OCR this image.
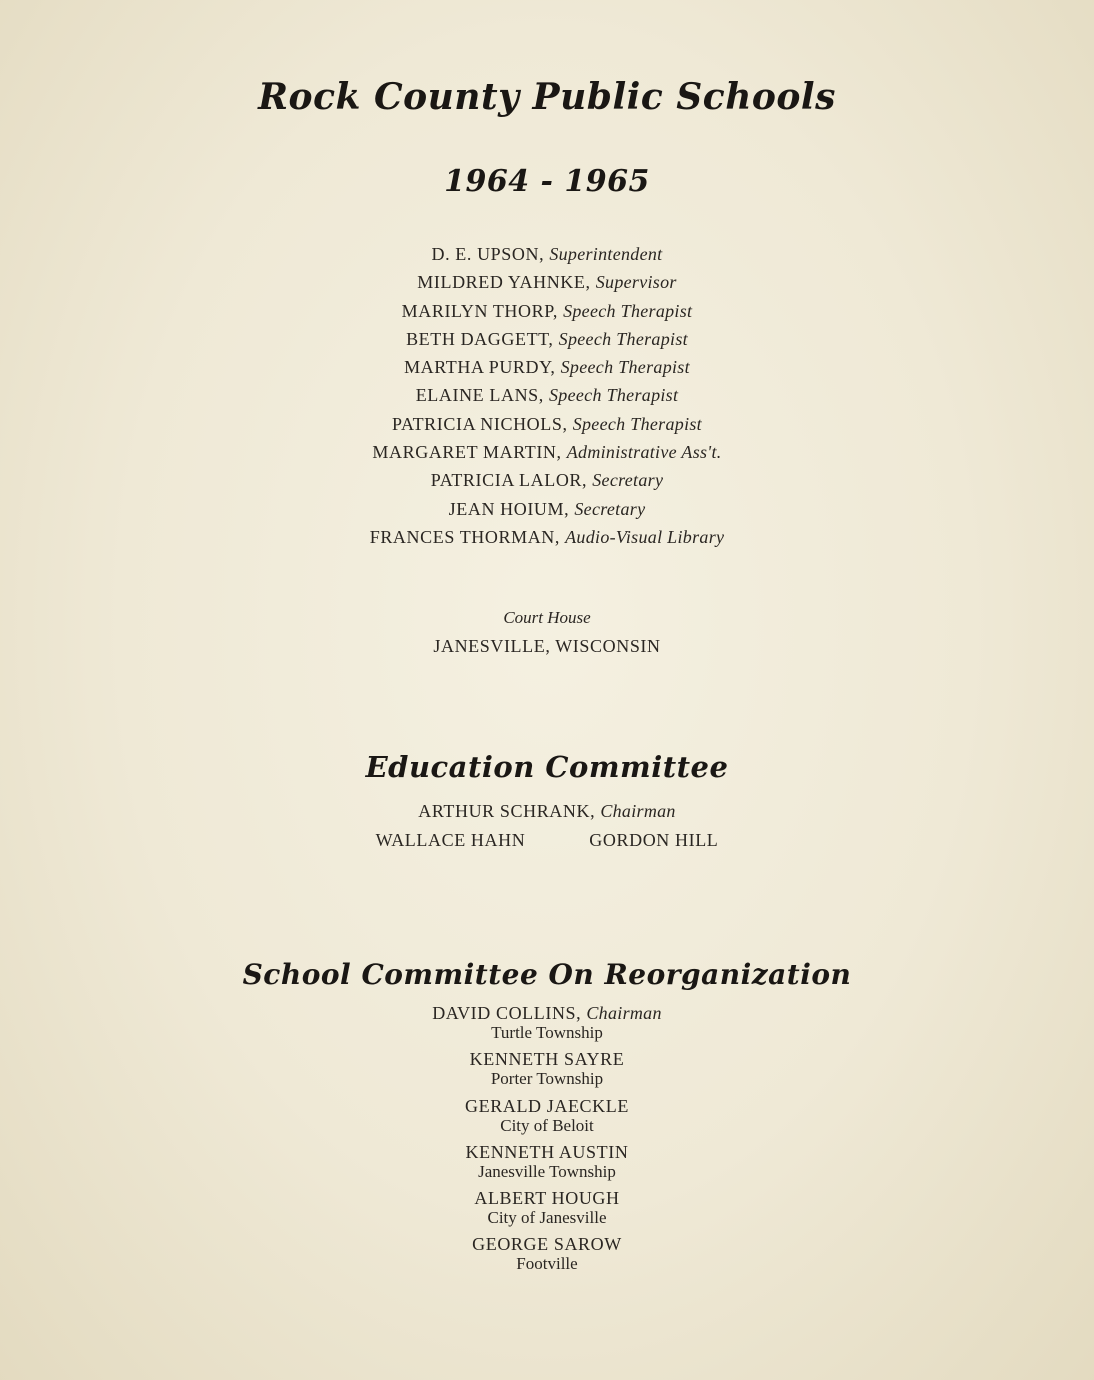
Rock County Public Schools
1964 - 1965
D. E. UPSON, Superintendent
MILDRED YAHNKE, Supervisor
MARILYN THORP, Speech Therapist
BETH DAGGETT, Speech Therapist
MARTHA PURDY, Speech Therapist
ELAINE LANS, Speech Therapist
PATRICIA NICHOLS, Speech Therapist
MARGARET MARTIN, Administrative Ass't.
PATRICIA LALOR, Secretary
JEAN HOIUM, Secretary
FRANCES THORMAN, Audio-Visual Library
Court House
JANESVILLE, WISCONSIN
Education Committee
ARTHUR SCHRANK, Chairman
WALLACE HAHN	GORDON HILL
School Committee On Reorganization
DAVID COLLINS, Chairman
Turtle Township
KENNETH SAYRE
Porter Township
GERALD JAECKLE
City of Beloit
KENNETH AUSTIN
Janesville Township
ALBERT HOUGH
City of Janesville
GEORGE SAROW
Footville
